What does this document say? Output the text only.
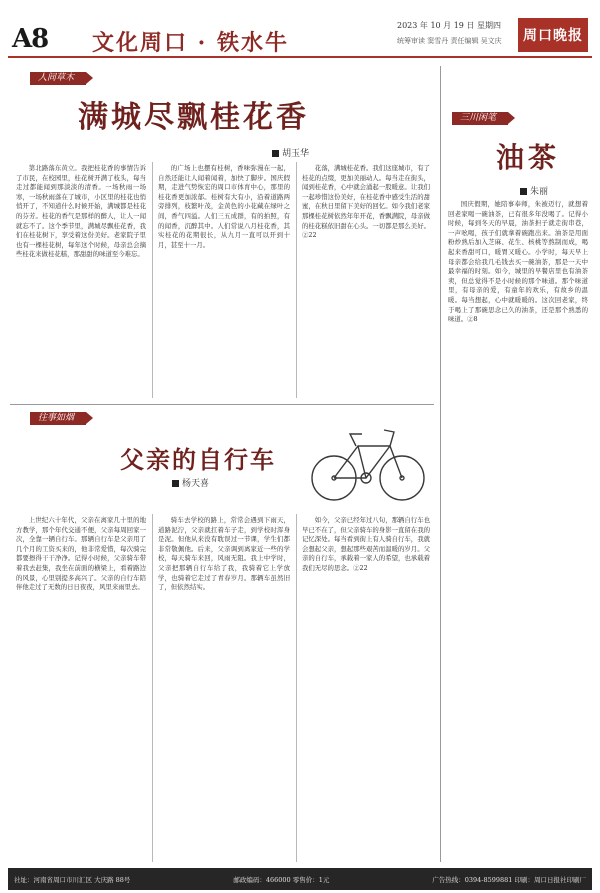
A8 文化周口 · 铁水牛
2023 年 10 月 19 日 星期四
统筹审读 窦雪丹 责任编辑 吴文庆	周口晚报
人间草木
满城尽飘桂花香
胡玉华

第北路落东黄立。我把桂花香的事情告诉了市民，在校园里，桂花树开满了枝头，每当走过都能闻到那淡淡的清香。一场秋雨一场寒，一场秋雨落在了城市，小区里的桂花也悄悄开了，不知道什么时候开始，满城都是桂花的芬芳。桂花的香气是那样的醉人，让人一闻就忘不了。这个季节里，满城尽飘桂花香，我们在桂花树下，享受着这份美好。老家院子里也有一棵桂花树，每年这个时候，母亲总会摘些桂花来做桂花糕，那甜甜的味道至今难忘。

的广场上也摆有桂树，香味弥漫在一起，自然还能让人闻着闻着，加快了脚步。国庆假期，走进气势恢宏的周口市体育中心，那里的桂花香更加浓郁。桂树有大有小，沿着道路两旁排列，枝繁叶茂，金黄色的小花藏在绿叶之间，香气四溢。人们三五成群，有的拍照，有的闻香，沉醉其中。人们常说八月桂花香，其实桂花的花期很长，从九月一直可以开到十月，甚至十一月。

花落，满城桂花香。我们这座城市，有了桂花的点缀，更加美丽动人。每当走在街头，闻到桂花香，心中就会涌起一股暖意。让我们一起珍惜这份美好，在桂花香中感受生活的甜蜜，在秋日里留下美好的回忆。如今我们老家那棵桂花树依然年年开花，香飘满院，母亲做的桂花糕依旧甜在心头。一切都是那么美好。②22

往事如烟
父亲的自行车
杨天喜

上世纪六十年代，父亲在离家几十里的地方教学，那个年代交通不便，父亲每周回家一次，全靠一辆自行车。那辆自行车是父亲用了几个月的工资买来的，他非常爱惜，每次骑完都要擦得干干净净。记得小时候，父亲骑车带着我去赶集，我坐在前面的横梁上，看着路边的风景，心里别提多高兴了。父亲的自行车陪伴他走过了无数的日日夜夜，风里来雨里去。

骑车去学校的路上，常常会遇到下雨天，道路泥泞，父亲就扛着车子走，到学校时浑身是泥。但他从来没有耽误过一节课，学生们都非常敬佩他。后来，父亲调到离家近一些的学校，每天骑车来回，风雨无阻。我上中学时，父亲把那辆自行车给了我，我骑着它上学放学，也骑着它走过了青春岁月。那辆车虽然旧了，但依然结实。

如今，父亲已经年过八旬，那辆自行车也早已不在了，但父亲骑车的身影一直留在我的记忆深处。每当看到街上有人骑自行车，我就会想起父亲，想起那些艰苦而温暖的岁月。父亲的自行车，承载着一家人的希望，也承载着我们无尽的思念。②22

三川闲笔
油茶
朱丽

国庆假期，她陪事奉师，朱被迈行，就想着回老家喝一碗油茶，已有很多年没喝了。记得小时候，每到冬天的早晨，油茶担子就走街串巷，一声吆喝，孩子们就拿着碗跑出来。油茶是用面粉炒熟后加入芝麻、花生、核桃等熬制而成，喝起来香甜可口，暖胃又暖心。小学时，每天早上母亲都会给我几毛钱去买一碗油茶，那是一天中最幸福的时刻。如今，城里的早餐店里也有油茶卖，但总觉得不是小时候的那个味道。那个味道里，有母亲的爱，有童年的欢乐，有故乡的温暖。每当想起，心中就暖暖的。这次回老家，终于喝上了那碗思念已久的油茶，还是那个熟悉的味道。②8

社址：河南省周口市川汇区 大庆路 88号	邮政编码：466000 零售价：1元	广告热线：0394-8599881 印刷：周口日报社印刷厂
